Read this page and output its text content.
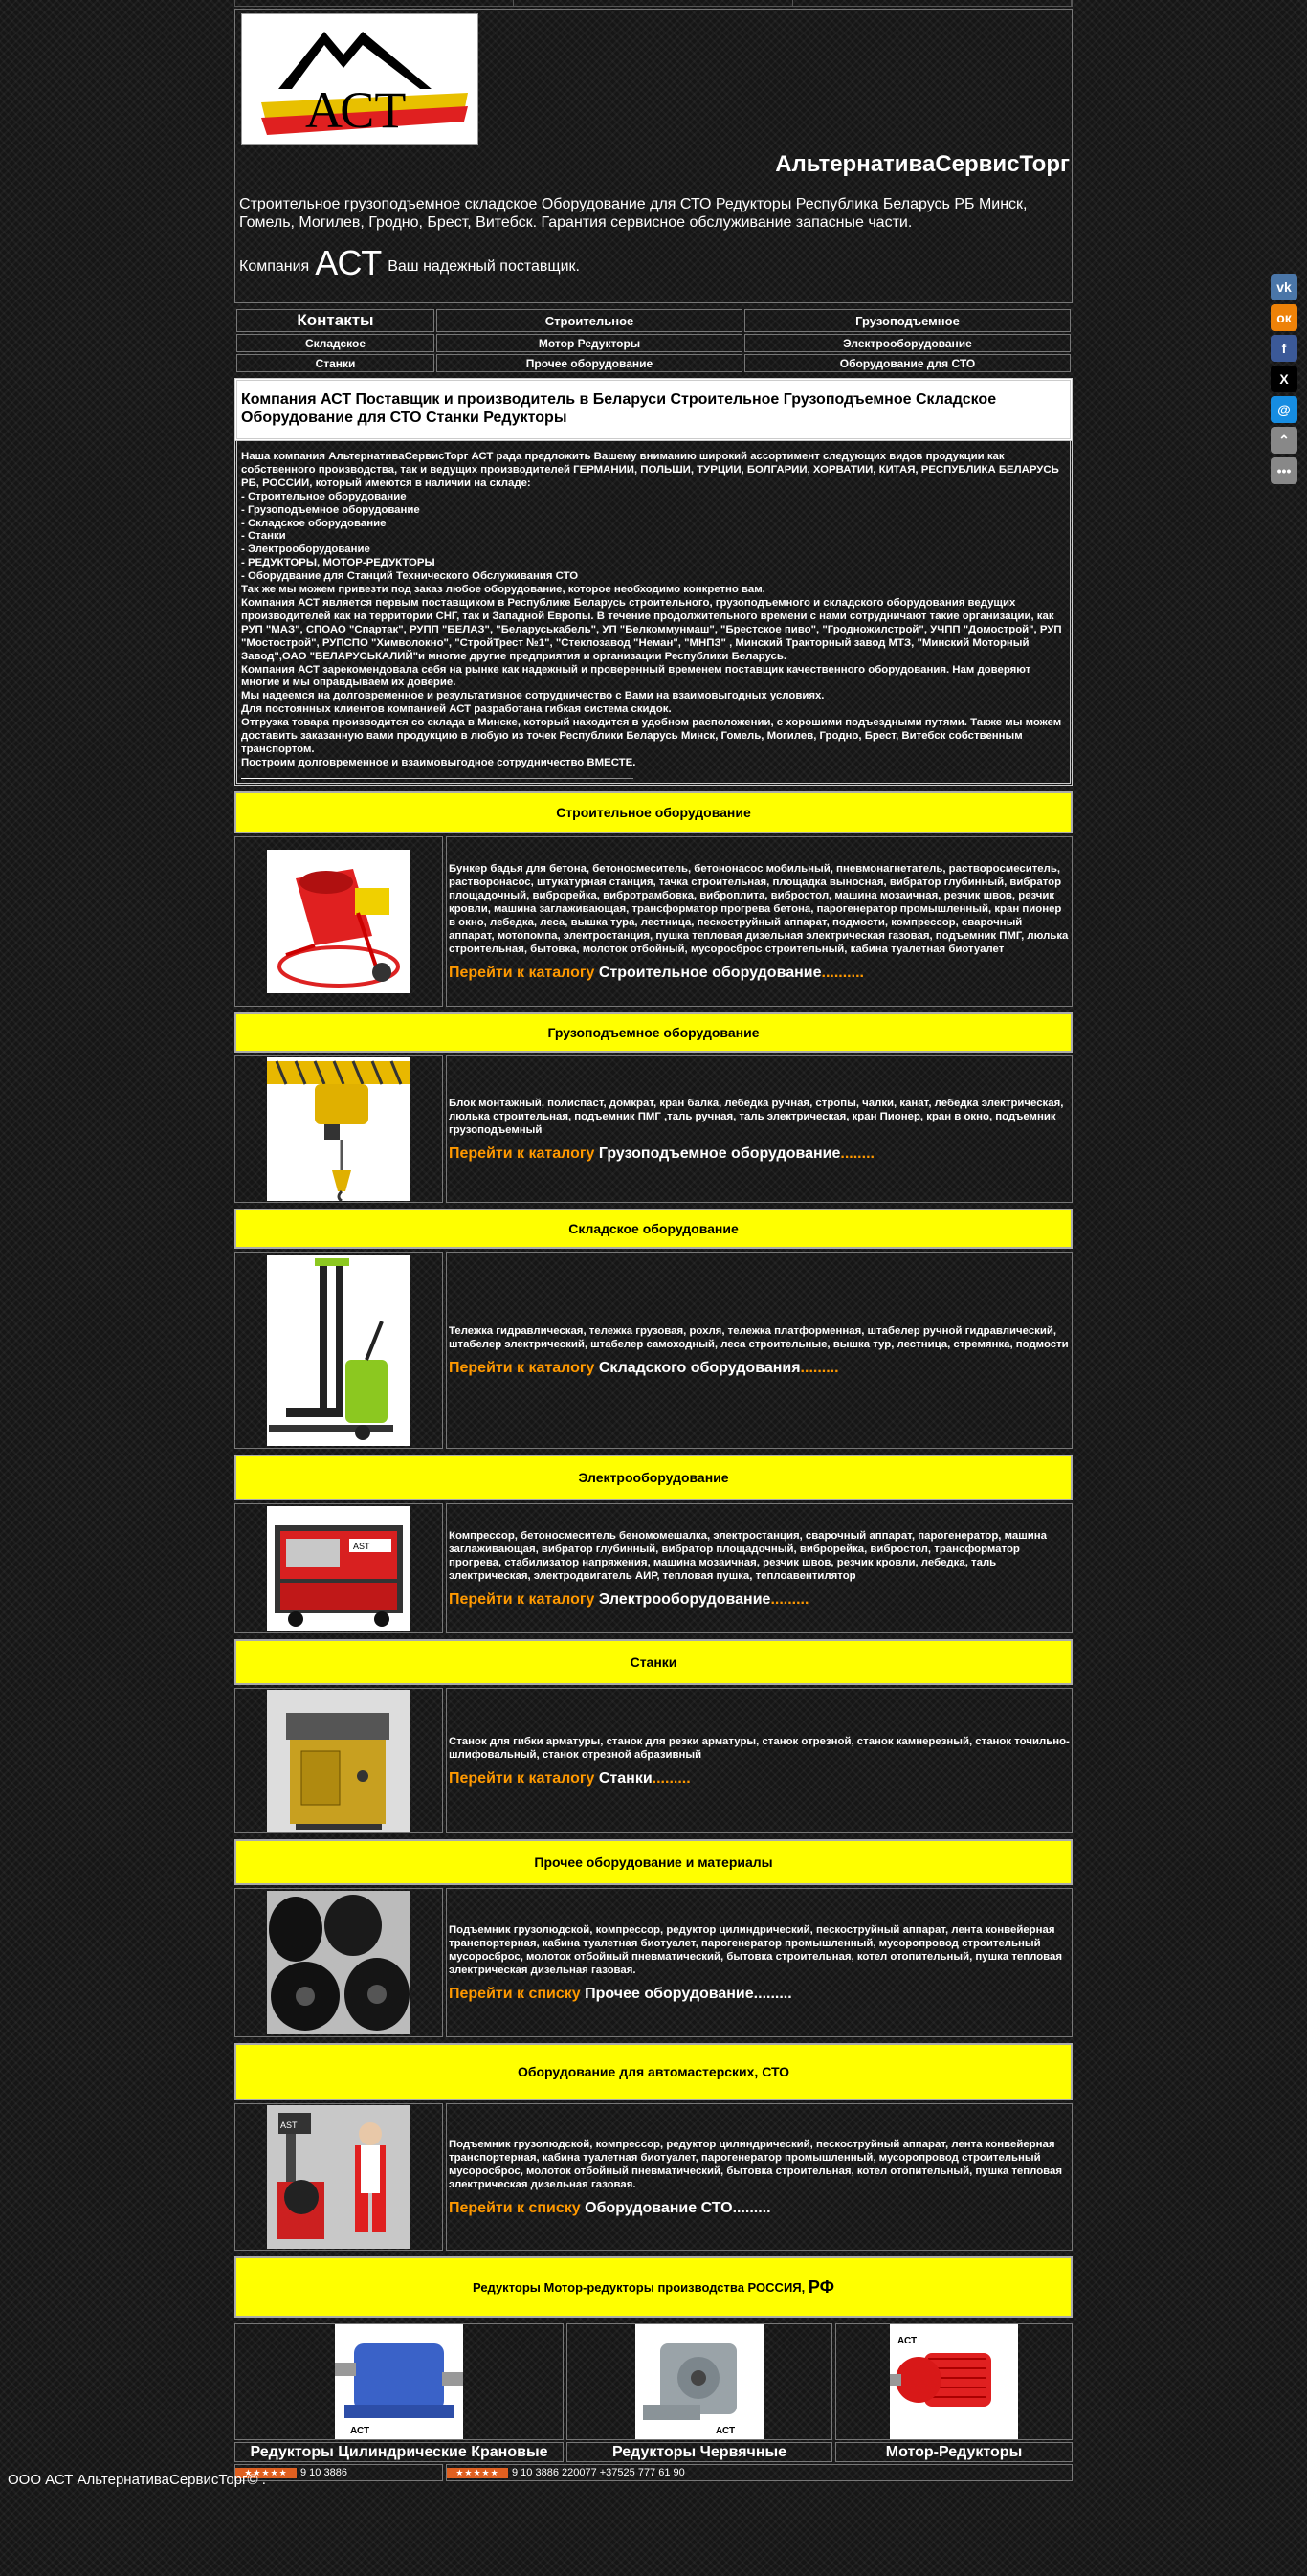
АСТ
АльтернативаСервисТорг
Строительное грузоподъемное складское Оборудование для СТО Редукторы Республика Беларусь РБ Минск, Гомель, Могилев, Гродно, Брест, Витебск. Гарантия сервисное обслуживание запасные части.
Компания АСТ Ваш надежный поставщик.
Контакты	Строительное	Грузоподъемное
Складское	Мотор Редукторы	Электрооборудование
Станки	Прочее оборудование	Оборудование для СТО
Компания АСТ Поставщик и производитель в Беларуси Строительное Грузоподъемное Складское Оборудование для СТО Станки Редукторы
Наша компания АльтернативаСервисТорг АСТ рада предложить Вашему вниманию широкий ассортимент следующих видов продукции как собственного производства, так и ведущих производителей ГЕРМАНИИ, ПОЛЬШИ, ТУРЦИИ, БОЛГАРИИ, ХОРВАТИИ, КИТАЯ, РЕСПУБЛИКА БЕЛАРУСЬ РБ, РОССИИ, который имеются в наличии на складе:
- Строительное оборудование
- Грузоподъемное оборудование
- Складское оборудование
- Станки
- Электрооборудование
- РЕДУКТОРЫ, МОТОР-РЕДУКТОРЫ
- Оборудвание для Станций Технического Обслуживания СТО
Так же мы можем привезти под заказ любое оборудование, которое необходимо конкретно вам.
Компания АСТ является первым поставщиком в Республике Беларусь строительного, грузоподъемного и складского оборудования ведущих производителей как на территории СНГ, так и Западной Европы. В течение продолжительного времени с нами сотрудничают такие организации, как РУП "МАЗ", СПОАО "Спартак", РУПП "БЕЛАЗ", "Беларуськабель", УП "Белкоммунмаш", "Брестское пиво", "Гродножилстрой", УЧПП "Домострой", РУП "Мостострой", РУПСПО "Химволокно", "СтройТрест №1", "Стеклозавод "Неман", "МНПЗ" , Минский Тракторный завод МТЗ, "Минский Моторный Завод",ОАО "БЕЛАРУСЬКАЛИЙ"и многие другие предприятия и организации Республики Беларусь.
Компания АСТ зарекомендовала себя на рынке как надежный и проверенный временем поставщик качественного оборудования. Нам доверяют многие и мы оправдываем их доверие.
Мы надеемся на долговременное и результативное сотрудничество с Вами на взаимовыгодных условиях.
Для постоянных клиентов компанией АСТ разработана гибкая система скидок.
Отгрузка товара производится со склада в Минске, который находится в удобном расположении, с хорошими подъездными путями. Также мы можем доставить заказанную вами продукцию в любую из точек Республики Беларусь Минск, Гомель, Могилев, Гродно, Брест, Витебск собственным транспортом.
Построим долговременное и взаимовыгодное сотрудничество ВМЕСТЕ.
Строительное оборудование
Бункер бадья для бетона, бетоносмеситель, бетононасос мобильный, пневмонагнетатель, растворосмеситель, растворонасос, штукатурная станция, тачка строительная, площадка выносная, вибратор глубинный, вибратор площадочный, виброрейка, вибротрамбовка, виброплита, вибростол, машина мозаичная, резчик швов, резчик кровли, машина заглаживающая, трансформатор прогрева бетона, парогенератор промышленный, кран пионер в окно, лебедка, леса, вышка тура, лестница, пескоструйный аппарат, подмости, компрессор, сварочный аппарат, мотопомпа, электростанция, пушка тепловая дизельная электрическая газовая, подъемник ПМГ, люлька строительная, бытовка, молоток отбойный, мусоросброс строительный, кабина туалетная биотуалет
Перейти к каталогу Строительное оборудование..........
Грузоподъемное оборудование
Блок монтажный, полиспаст, домкрат, кран балка, лебедка ручная, стропы, чалки, канат, лебедка электрическая, люлька строительная, подъемник ПМГ ,таль ручная, таль электрическая, кран Пионер, кран в окно, подъемник грузоподъемный
Перейти к каталогу Грузоподъемное оборудование........
Складское оборудование
Тележка гидравлическая, тележка грузовая, рохля, тележка платформенная, штабелер ручной гидравлический, штабелер электрический, штабелер самоходный, леса строительные, вышка тур, лестница, стремянка, подмости
Перейти к каталогу Складского оборудования.........
Электрооборудование
AST
Компрессор, бетоносмеситель беномомешалка, электростанция, сварочный аппарат, парогенератор, машина заглаживающая, вибратор глубинный, вибратор площадочный, виброрейка, вибростол, трансформатор прогрева, стабилизатор напряжения, машина мозаичная, резчик швов, резчик кровли, лебедка, таль электрическая, электродвигатель АИР, тепловая пушка, теплоавентилятор
Перейти к каталогу Электрооборудование.........
Станки
Станок для гибки арматуры, станок для резки арматуры, станок отрезной, станок камнерезный, станок точильно-шлифовальный, станок отрезной абразивный
Перейти к каталогу Станки.........
Прочее оборудование и материалы
Подъемник грузолюдской, компрессор, редуктор цилиндрический, пескоструйный аппарат, лента конвейерная транспортерная, кабина туалетная биотуалет, парогенератор промышленный, мусоропровод строительный мусоросброс, молоток отбойный пневматический, бытовка строительная, котел отопительный, пушка тепловая электрическая дизельная газовая.
Перейти к списку Прочее оборудование.........
Оборудование для автомастерских, СТО
AST
Подъемник грузолюдской, компрессор, редуктор цилиндрический, пескоструйный аппарат, лента конвейерная транспортерная, кабина туалетная биотуалет, парогенератор промышленный, мусоропровод строительный мусоросброс, молоток отбойный пневматический, бытовка строительная, котел отопительный, пушка тепловая электрическая дизельная газовая.
Перейти к списку Оборудование СТО.........
Редукторы Мотор-редукторы производства РОССИЯ,
РФ
АСТ	АСТ
АСТ
Редукторы Цилиндрические Крановые	Редукторы Червячные	Мотор-Редукторы
★★★★★	9 10 3886	★★★★★	9 10 3886 220077 +37525 777 61 90
ООО АСТ АльтернативаСервисТорг© .
vk
ок
f
X
@
⌃
•••
